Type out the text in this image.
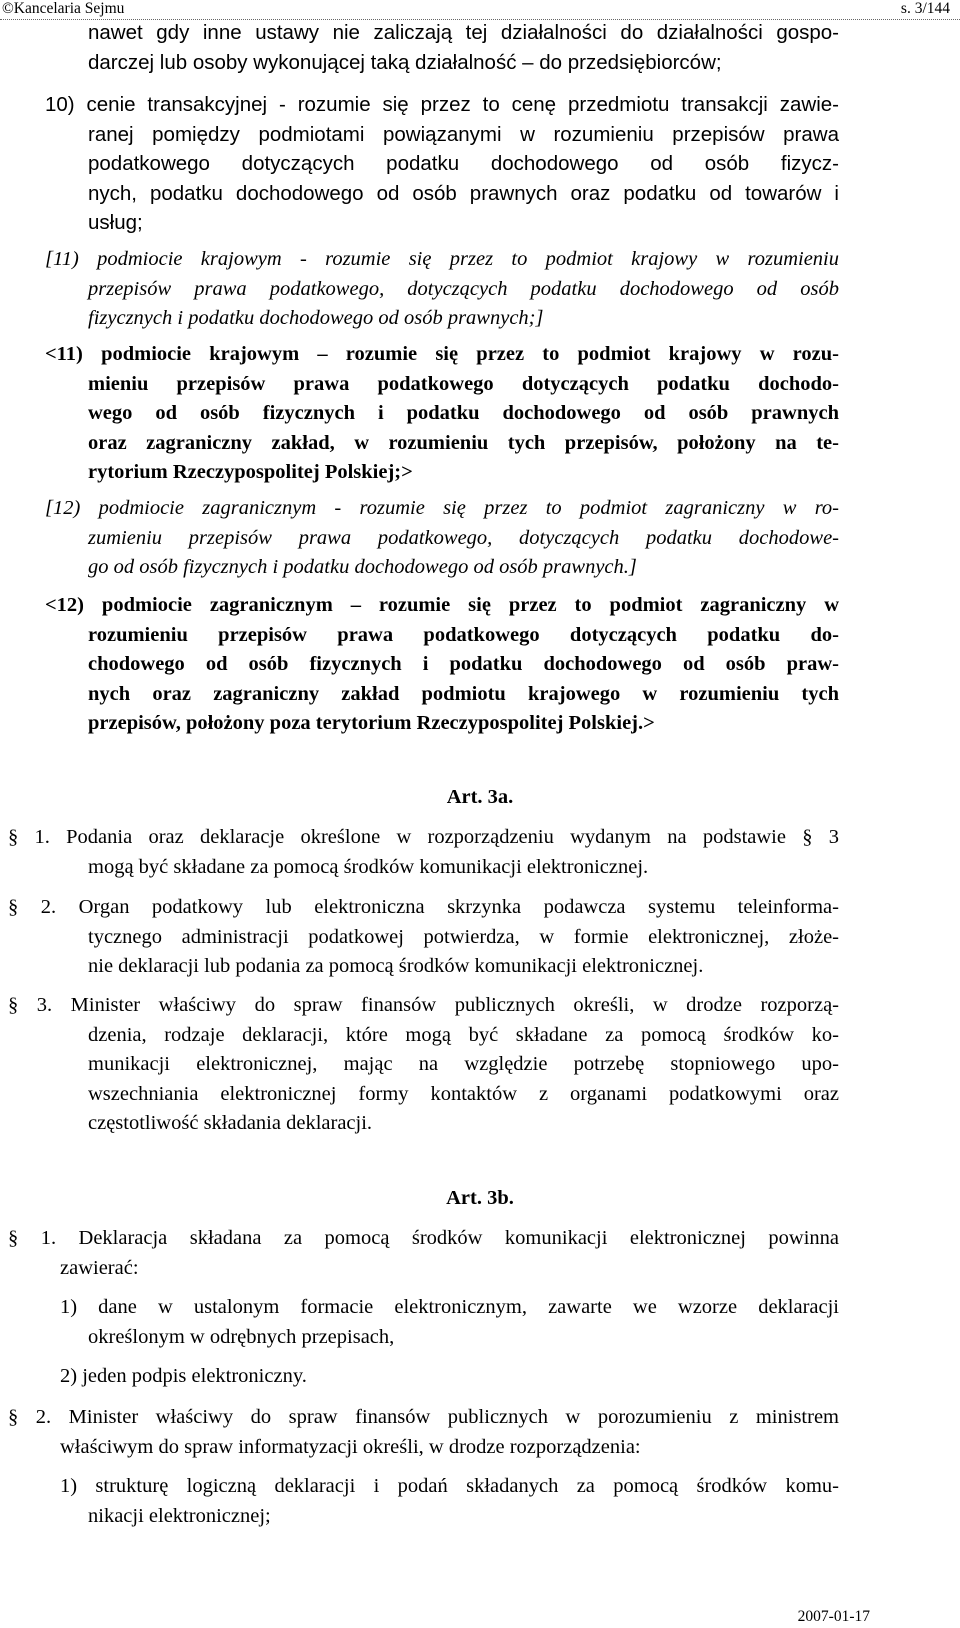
©Kancelaria Sejmu	s. 3/144
nawet gdy inne ustawy nie zaliczają tej działalności do działalności gospo-
darczej lub osoby wykonującej taką działalność – do przedsiębiorców;
10) cenie transakcyjnej - rozumie się przez to cenę przedmiotu transakcji zawie-
ranej pomiędzy podmiotami powiązanymi w rozumieniu przepisów prawa
podatkowego dotyczących podatku dochodowego od osób fizycz-
nych, podatku dochodowego od osób prawnych oraz podatku od towarów i
usług;
[11) podmiocie krajowym - rozumie się przez to podmiot krajowy w rozumieniu
przepisów prawa podatkowego, dotyczących podatku dochodowego od osób
fizycznych i podatku dochodowego od osób prawnych;]
<11) podmiocie krajowym – rozumie się przez to podmiot krajowy w rozu-
mieniu przepisów prawa podatkowego dotyczących podatku dochodo-
wego od osób fizycznych i podatku dochodowego od osób prawnych
oraz zagraniczny zakład, w rozumieniu tych przepisów, położony na te-
rytorium Rzeczypospolitej Polskiej;>
[12) podmiocie zagranicznym - rozumie się przez to podmiot zagraniczny w ro-
zumieniu przepisów prawa podatkowego, dotyczących podatku dochodowe-
go od osób fizycznych i podatku dochodowego od osób prawnych.]
<12) podmiocie zagranicznym – rozumie się przez to podmiot zagraniczny w
rozumieniu przepisów prawa podatkowego dotyczących podatku do-
chodowego od osób fizycznych i podatku dochodowego od osób praw-
nych oraz zagraniczny zakład podmiotu krajowego w rozumieniu tych
przepisów, położony poza terytorium Rzeczypospolitej Polskiej.>
Art. 3a.
§ 1. Podania oraz deklaracje określone w rozporządzeniu wydanym na podstawie § 3
mogą być składane za pomocą środków komunikacji elektronicznej.
§ 2. Organ podatkowy lub elektroniczna skrzynka podawcza systemu teleinforma-
tycznego administracji podatkowej potwierdza, w formie elektronicznej, złoże-
nie deklaracji lub podania za pomocą środków komunikacji elektronicznej.
§ 3. Minister właściwy do spraw finansów publicznych określi, w drodze rozporzą-
dzenia, rodzaje deklaracji, które mogą być składane za pomocą środków ko-
munikacji elektronicznej, mając na względzie potrzebę stopniowego upo-
wszechniania elektronicznej formy kontaktów z organami podatkowymi oraz
częstotliwość składania deklaracji.
Art. 3b.
§ 1. Deklaracja składana za pomocą środków komunikacji elektronicznej powinna
zawierać:
1) dane w ustalonym formacie elektronicznym, zawarte we wzorze deklaracji
określonym w odrębnych przepisach,
2) jeden podpis elektroniczny.
§ 2. Minister właściwy do spraw finansów publicznych w porozumieniu z ministrem
właściwym do spraw informatyzacji określi, w drodze rozporządzenia:
1) strukturę logiczną deklaracji i podań składanych za pomocą środków komu-
nikacji elektronicznej;
2007-01-17
